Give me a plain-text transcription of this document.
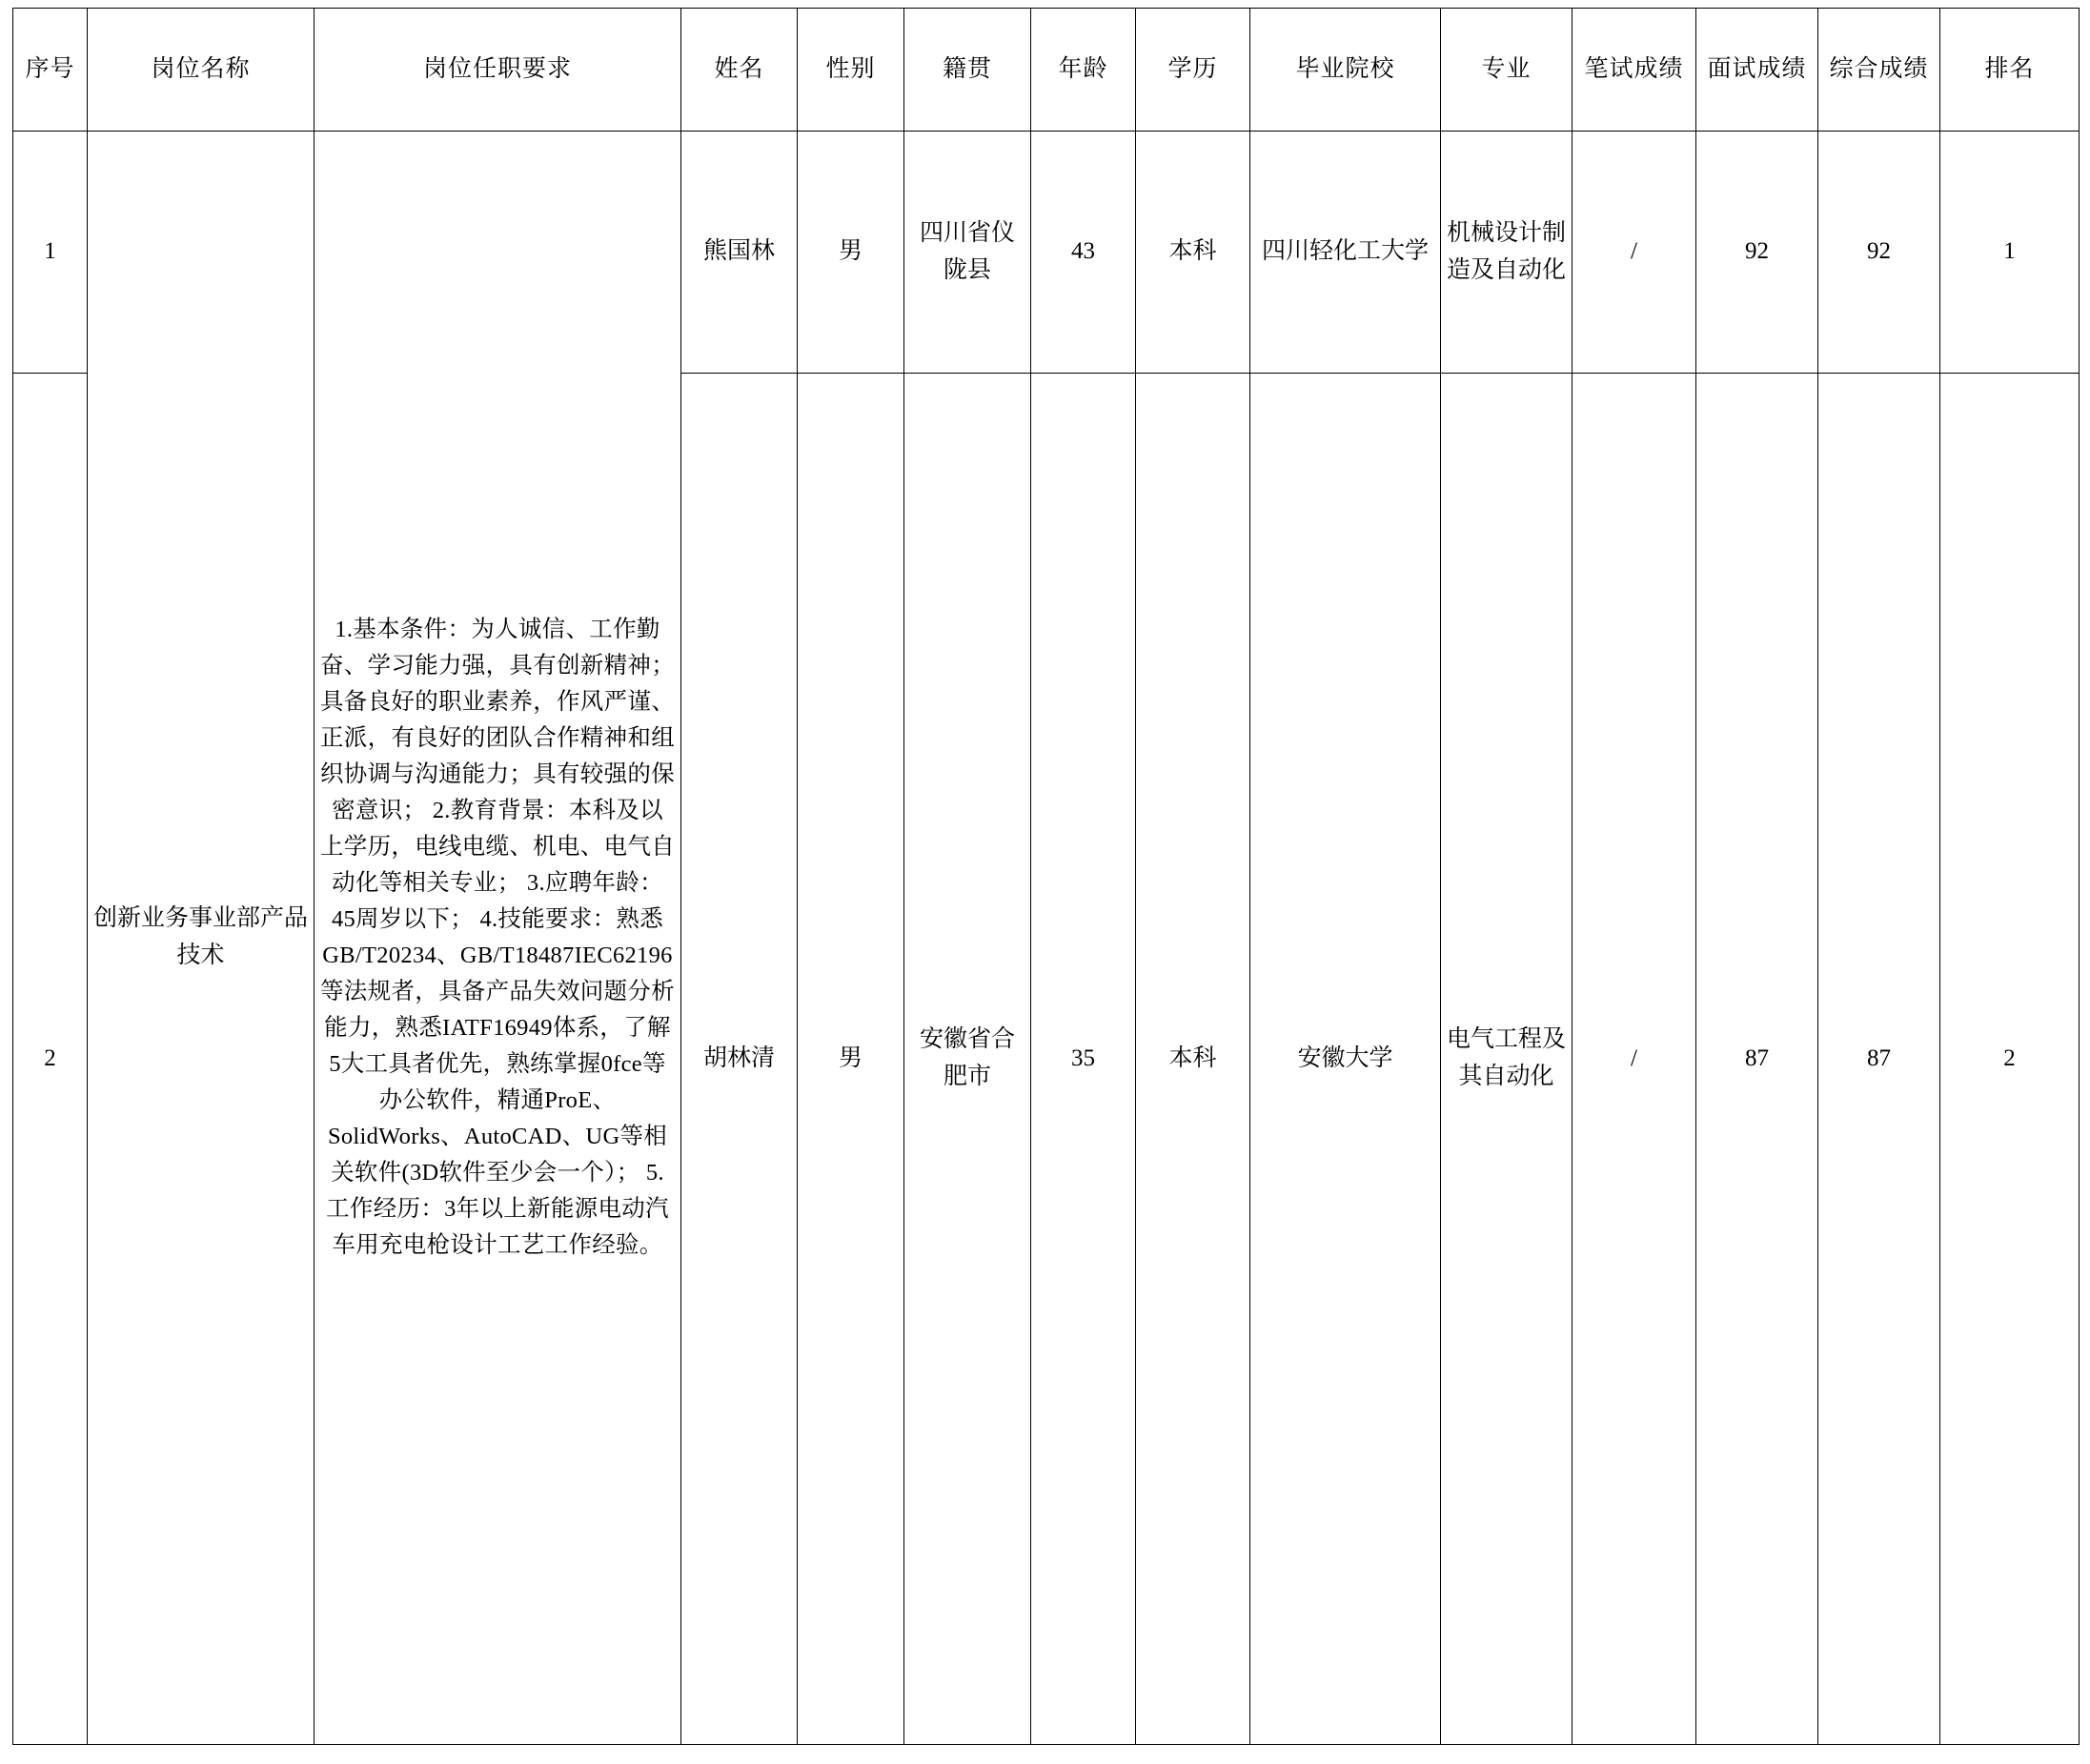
序号	岗位名称	岗位任职要求	姓名	性别	籍贯	年龄	学历	毕业院校	专业	笔试成绩	面试成绩	综合成绩	排名
1	创新业务事业部产品技术	1.基本条件：为人诚信、工作勤奋、学习能力强，具有创新精神；具备良好的职业素养，作风严谨、正派，有良好的团队合作精神和组织协调与沟通能力；具有较强的保密意识； 2.教育背景：本科及以上学历，电线电缆、机电、电气自动化等相关专业； 3.应聘年龄：45周岁以下； 4.技能要求：熟悉GB/T20234、GB/T18487IEC62196等法规者，具备产品失效问题分析能力，熟悉IATF16949体系，了解5大工具者优先，熟练掌握0fce等办公软件，精通ProE、SolidWorks、AutoCAD、UG等相关软件(3D软件至少会一个）； 5.工作经历：3年以上新能源电动汽车用充电枪设计工艺工作经验。	熊国林	男	四川省仪陇县	43	本科	四川轻化工大学	机械设计制造及自动化	/	92	92	1
2			胡林清	男	安徽省合肥市	35	本科	安徽大学	电气工程及其自动化	/	87	87	2
